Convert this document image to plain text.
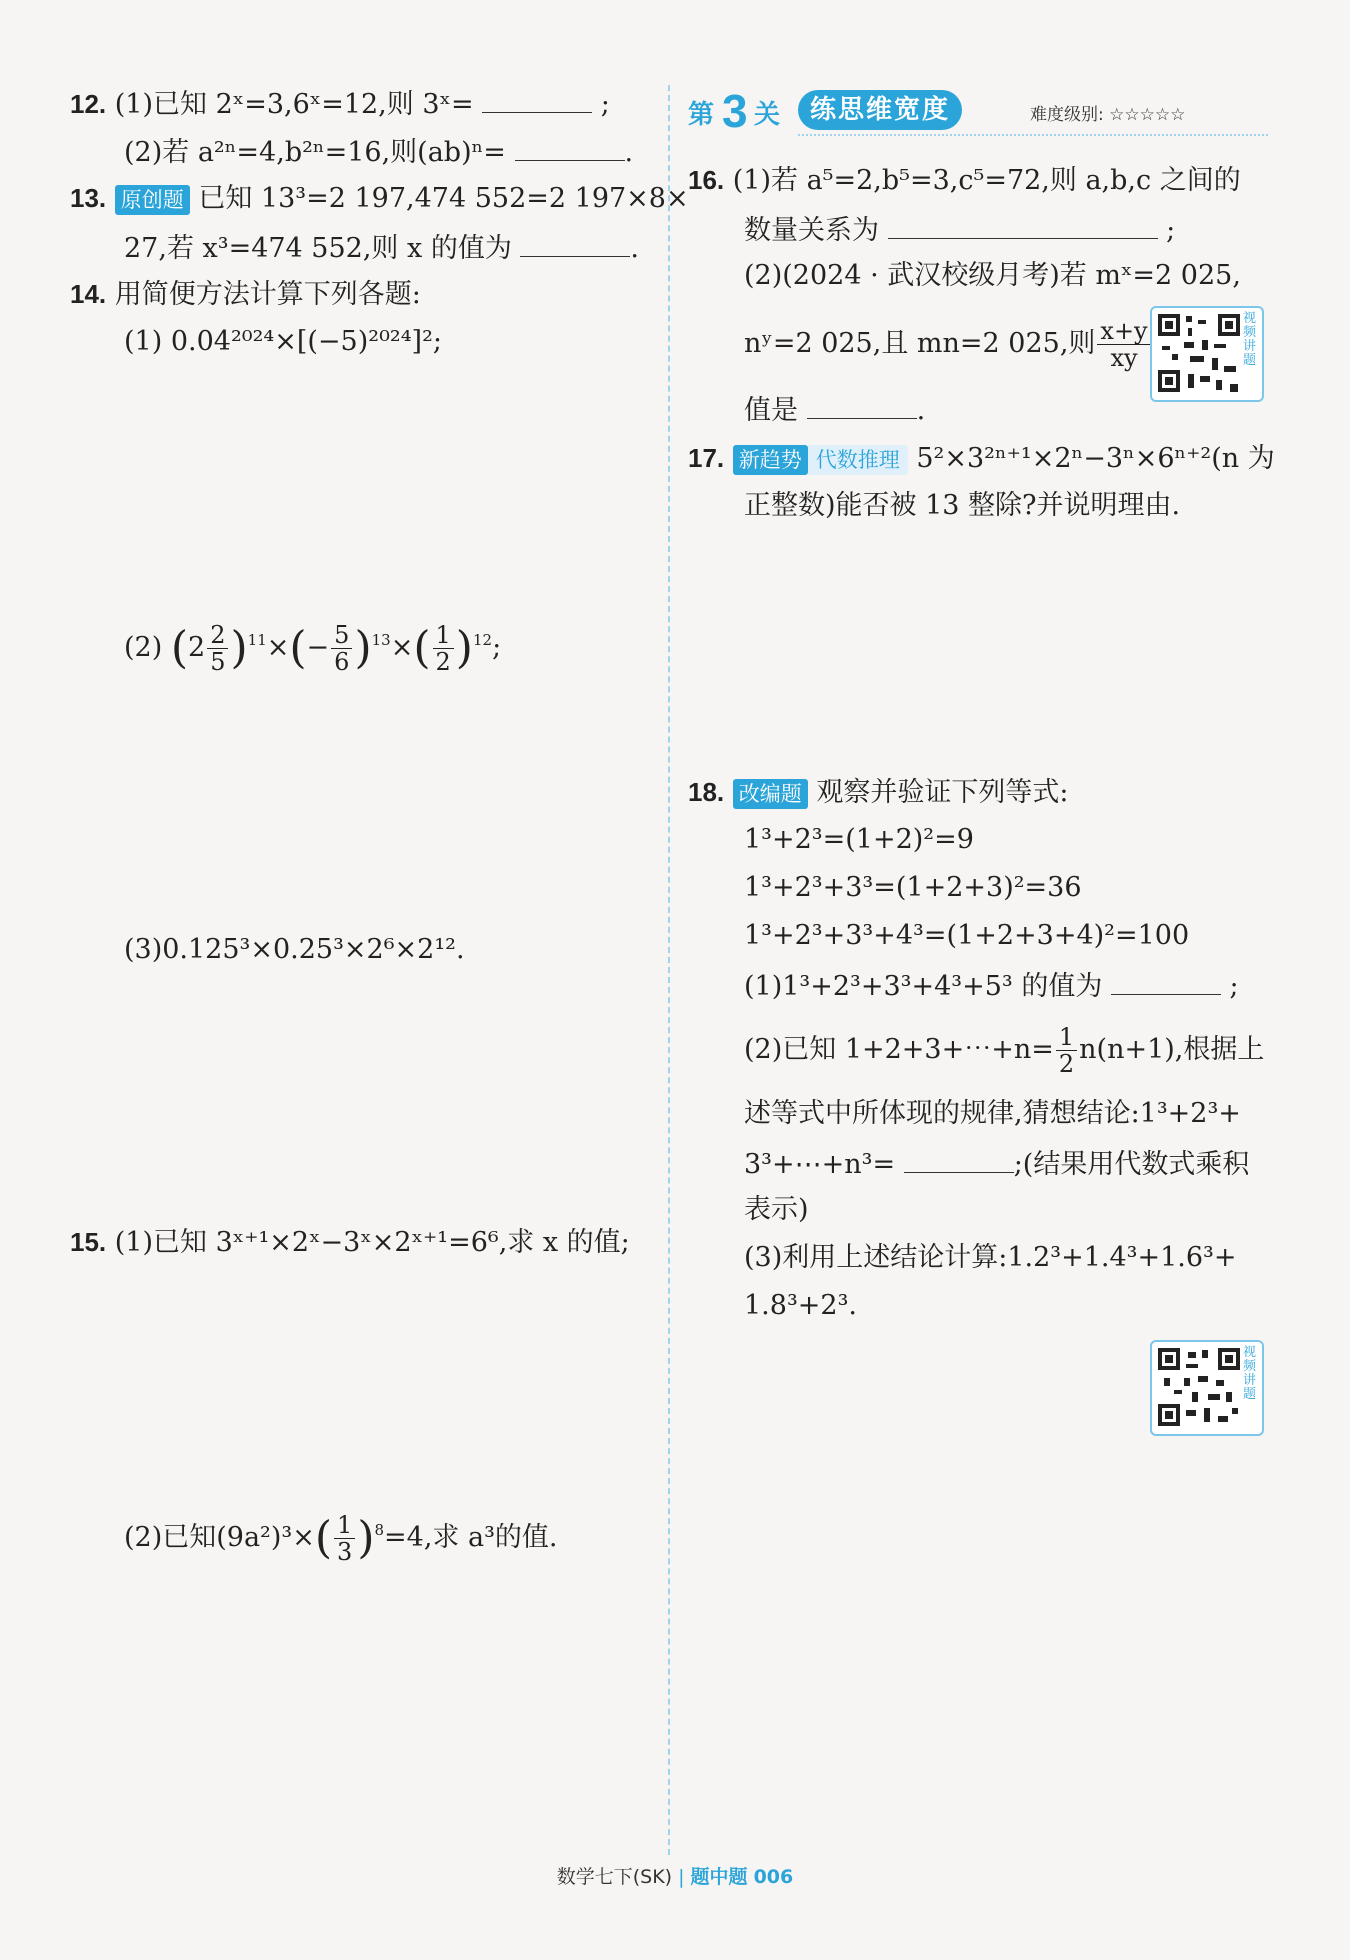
12. (1)已知 2ˣ=3,6ˣ=12,则 3ˣ=	;
(2)若 a²ⁿ=4,b²ⁿ=16,则(ab)ⁿ=	.
13. 原创题 已知 13³=2 197,474 552=2 197×8×
27,若 x³=474 552,则 x 的值为	.
14. 用简便方法计算下列各题:
(1) 0.04²⁰²⁴×[(−5)²⁰²⁴]²;
(2) $(2 \frac{2}{5} )^{11}\times(- \frac{5}{6} )^{13}\times( \frac{1}{2} )^{12}$;
(3)0.125³×0.25³×2⁶×2¹².
15. (1)已知 3ˣ⁺¹×2ˣ−3ˣ×2ˣ⁺¹=6⁶,求 x 的值;
(2)已知$(9a^2)^3\times( \frac{1}{3} )^8=4$,求 a³的值.
第 3 关	练思维宽度	难度级别: ☆☆☆☆☆
16. (1)若 a⁵=2,b⁵=3,c⁵=72,则 a,b,c 之间的
数量关系为	;
(2)(2024 · 武汉校级月考)若 mˣ=2 025,
nʸ=2 025,且 mn=2 025,则 $\frac{x+y}{xy}$
值是	.
视频讲题
17. 新趋势 代数推理 5²×3²ⁿ⁺¹×2ⁿ−3ⁿ×6ⁿ⁺²(n 为
正整数)能否被 13 整除?并说明理由.
18. 改编题 观察并验证下列等式:
1³+2³=(1+2)²=9
1³+2³+3³=(1+2+3)²=36
1³+2³+3³+4³=(1+2+3+4)²=100
(1)1³+2³+3³+4³+5³ 的值为	;
(2)已知 1+2+3+⋯+n= $\frac{1}{2} n(n+1)$,根据上
述等式中所体现的规律,猜想结论:1³+2³+
3³+⋯+n³=	;(结果用代数式乘积
表示)
(3)利用上述结论计算:1.2³+1.4³+1.6³+
1.8³+2³.
视频讲题
数学七下(SK) | 题中题 006
